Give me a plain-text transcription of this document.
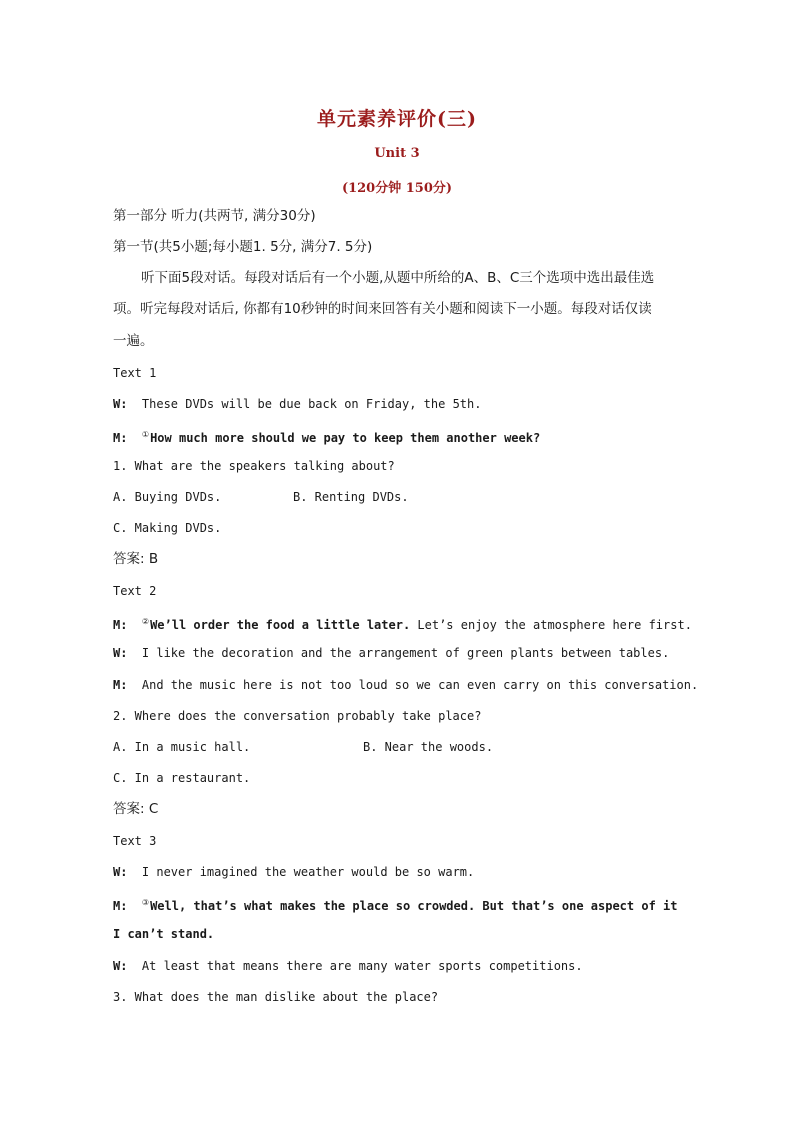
单元素养评价(三)
Unit 3
(120分钟 150分)
第一部分 听力(共两节, 满分30分)
第一节(共5小题;每小题1. 5分, 满分7. 5分)
听下面5段对话。每段对话后有一个小题,从题中所给的A、B、C三个选项中选出最佳选
项。听完每段对话后, 你都有10秒钟的时间来回答有关小题和阅读下一小题。每段对话仅读
一遍。
Text 1
W: These DVDs will be due back on Friday, the 5th.
M: ①How much more should we pay to keep them another week?
1. What are the speakers talking about?
A. Buying DVDs.	B. Renting DVDs.
C. Making DVDs.
答案: B
Text 2
M: ②We’ll order the food a little later. Let’s enjoy the atmosphere here first.
W: I like the decoration and the arrangement of green plants between tables.
M: And the music here is not too loud so we can even carry on this conversation.
2. Where does the conversation probably take place?
A. In a music hall.	B. Near the woods.
C. In a restaurant.
答案: C
Text 3
W: I never imagined the weather would be so warm.
M: ③Well, that’s what makes the place so crowded. But that’s one aspect of it
I can’t stand.
W: At least that means there are many water sports competitions.
3. What does the man dislike about the place?
